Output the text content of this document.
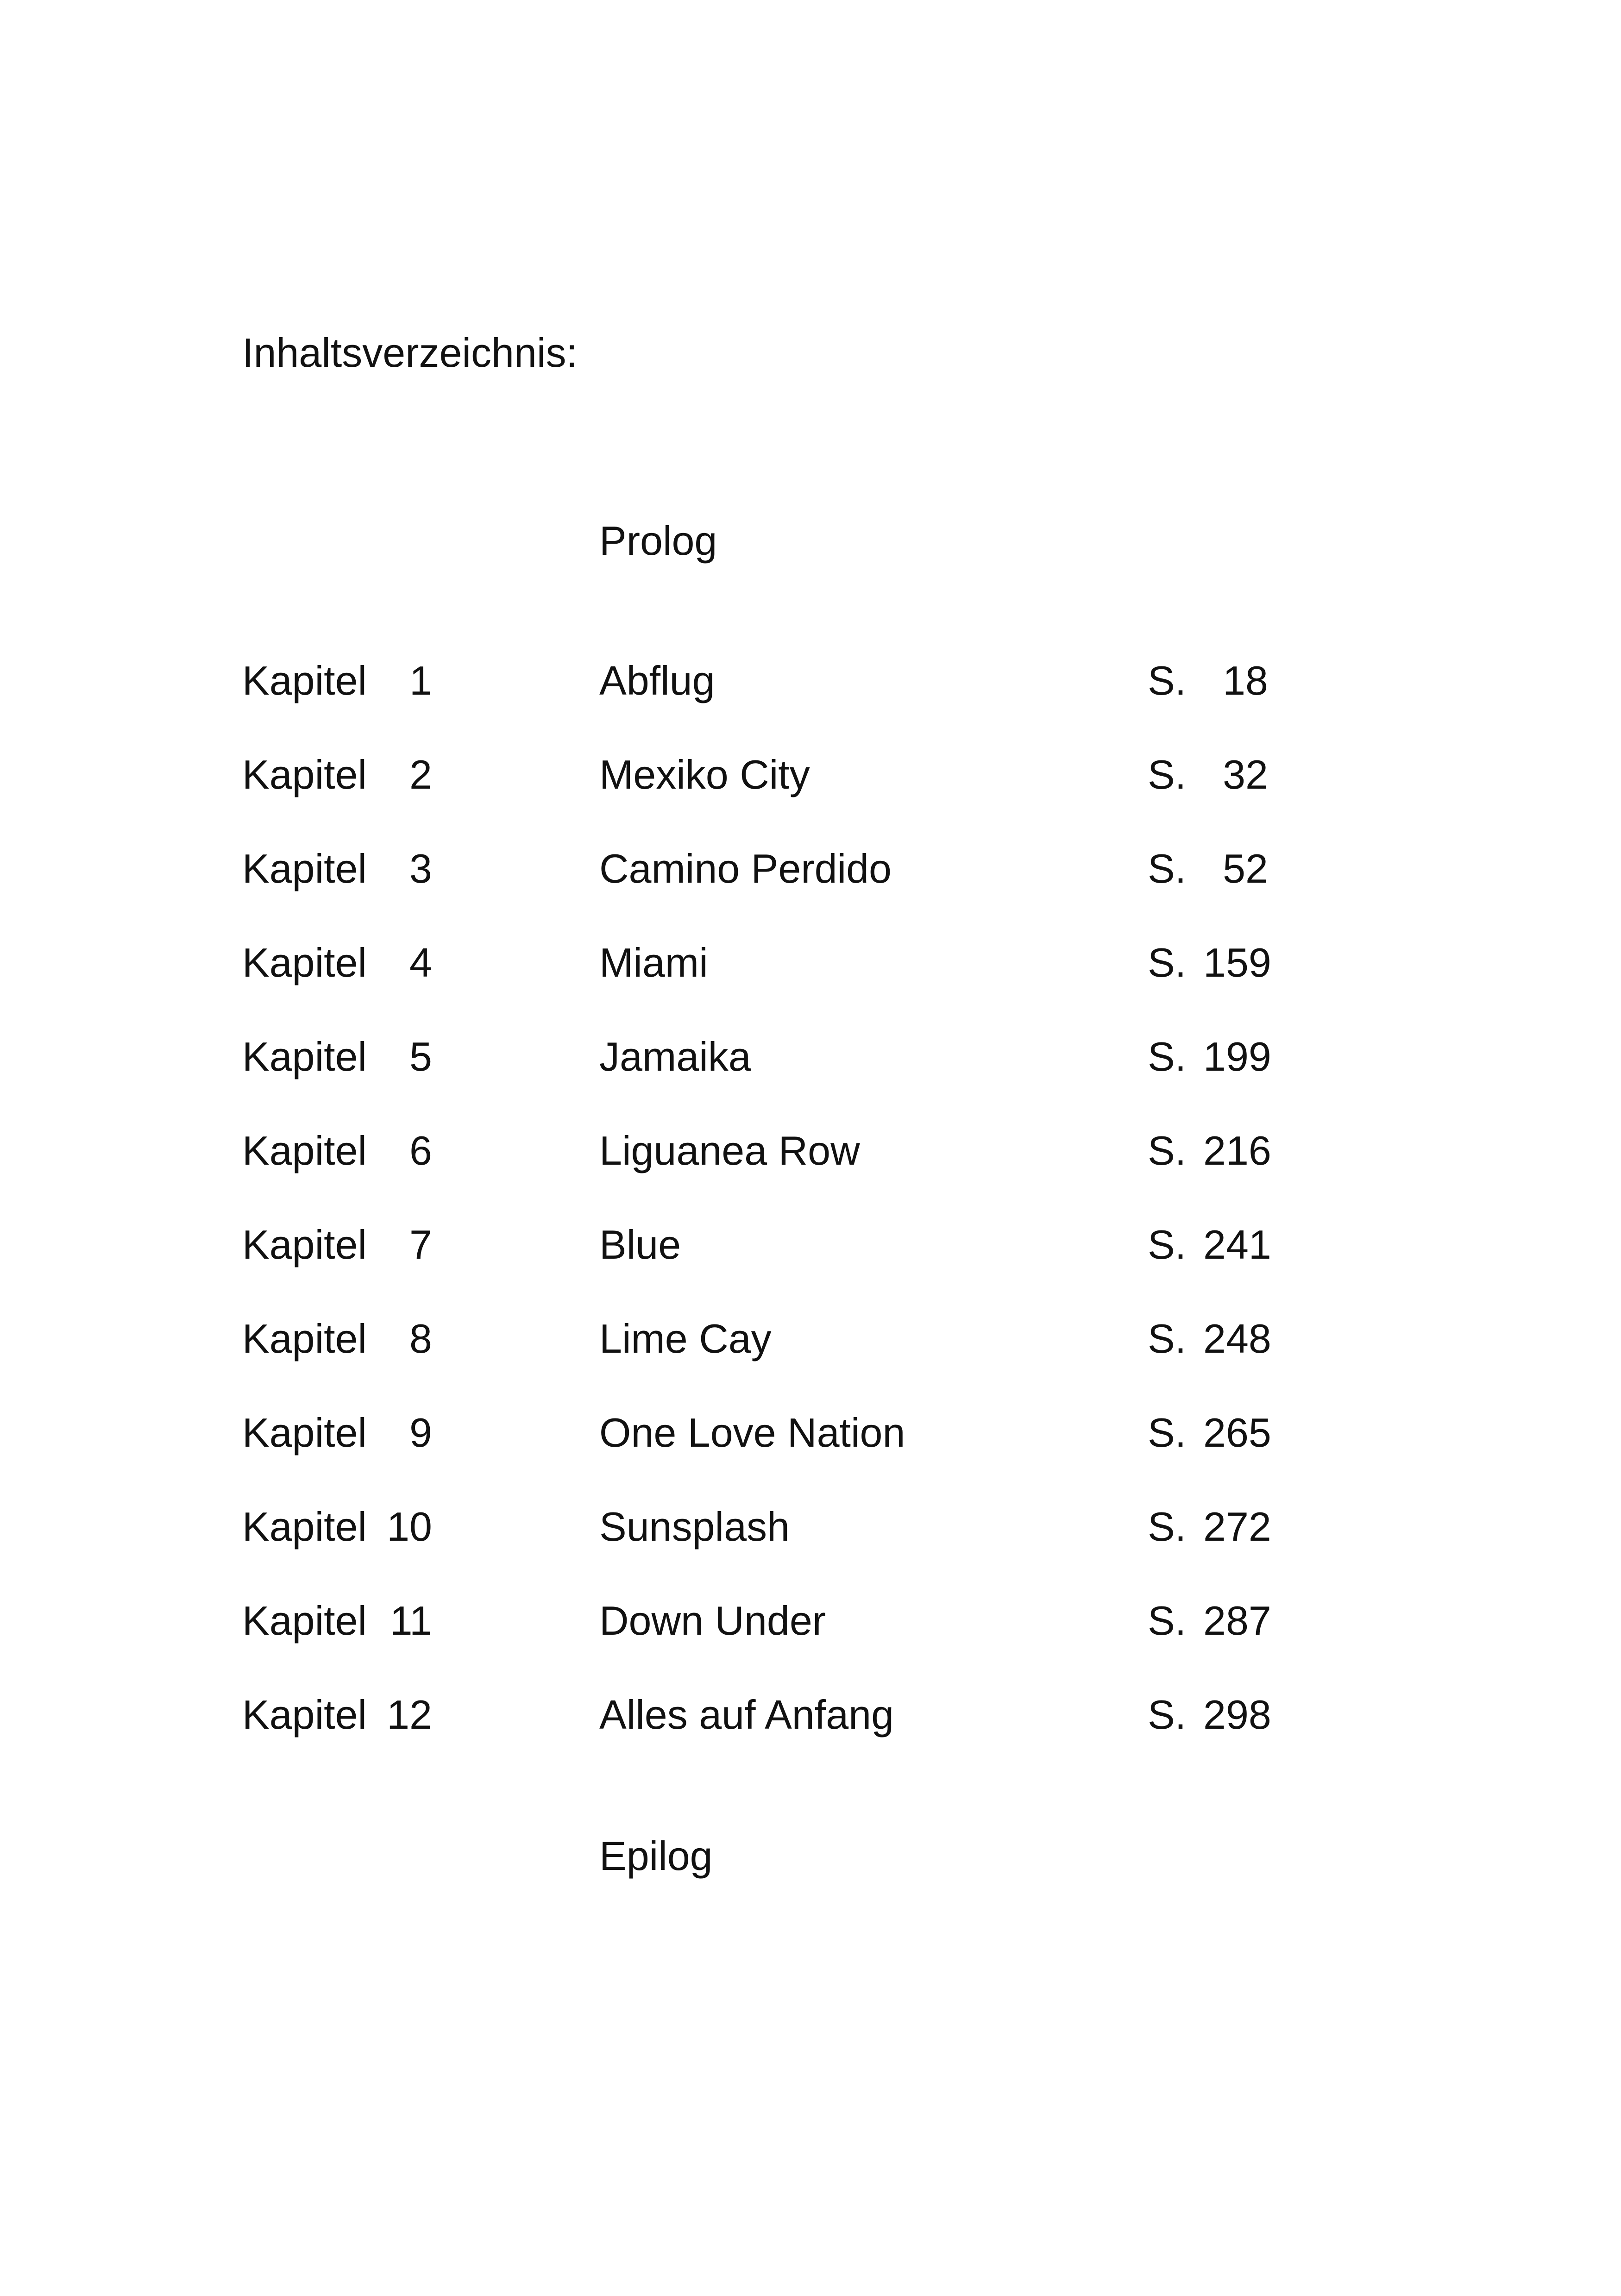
Inhaltsverzeichnis:
Prolog
Kapitel 1	Abflug	S. 18
Kapitel 2	Mexiko City	S. 32
Kapitel 3	Camino Perdido	S. 52
Kapitel 4	Miami	S. 159
Kapitel 5	Jamaika	S. 199
Kapitel 6	Liguanea Row	S. 216
Kapitel 7	Blue	S. 241
Kapitel 8	Lime Cay	S. 248
Kapitel 9	One Love Nation	S. 265
Kapitel 10	Sunsplash	S. 272
Kapitel 11	Down Under	S. 287
Kapitel 12	Alles auf Anfang	S. 298
Epilog
